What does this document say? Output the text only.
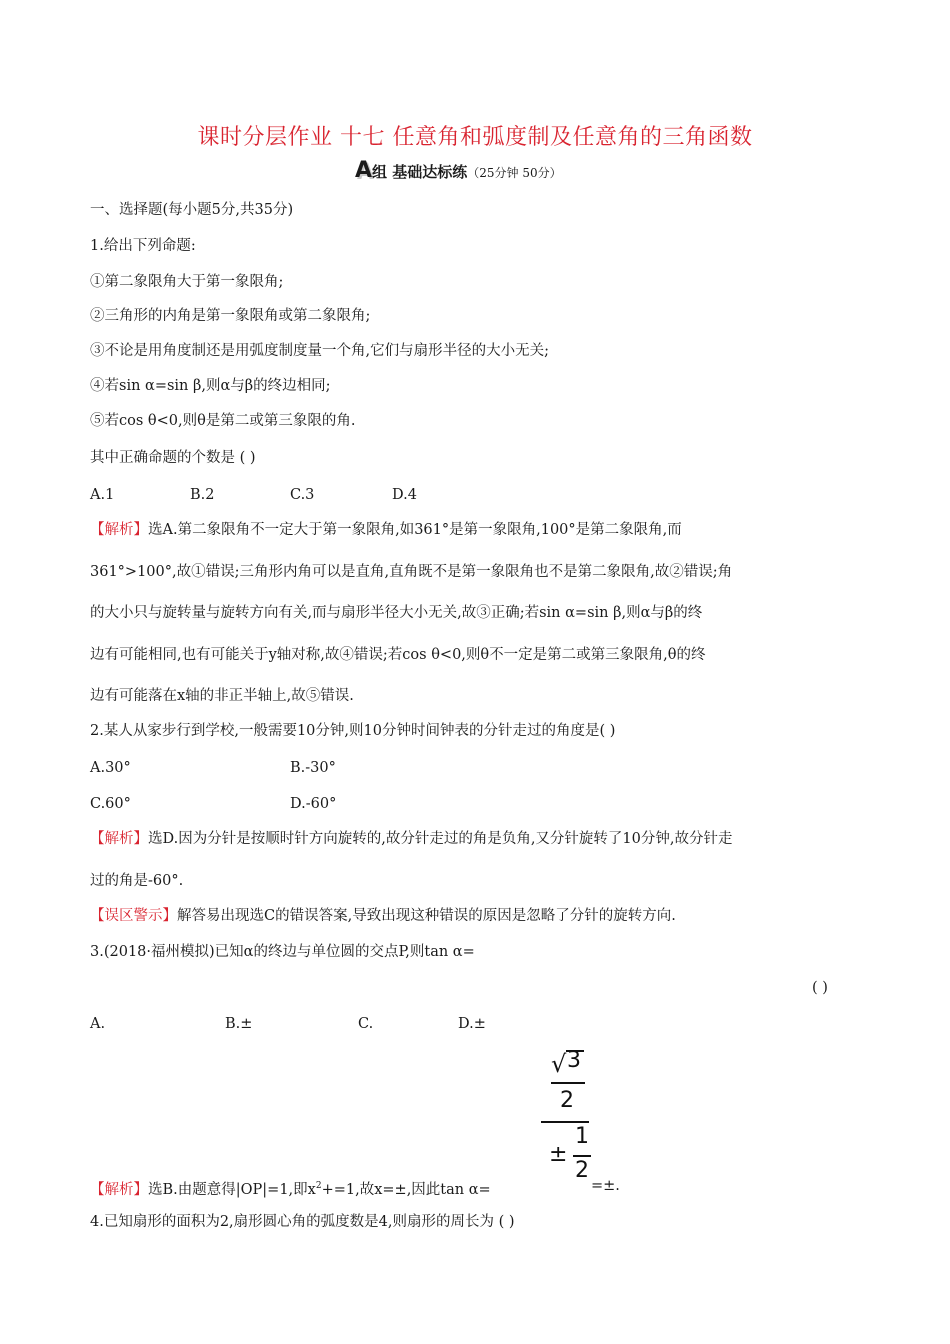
课时分层作业 十七 任意角和弧度制及任意角的三角函数
A组 基础达标练（25分钟 50分）
一、选择题(每小题5分,共35分)
1.给出下列命题:
①第二象限角大于第一象限角;
②三角形的内角是第一象限角或第二象限角;
③不论是用角度制还是用弧度制度量一个角,它们与扇形半径的大小无关;
④若sin α=sin β,则α与β的终边相同;
⑤若cos θ<0,则θ是第二或第三象限的角.
其中正确命题的个数是 ( )
A.1	B.2	C.3	D.4
【解析】选A.第二象限角不一定大于第一象限角,如361°是第一象限角,100°是第二象限角,而
361°>100°,故①错误;三角形内角可以是直角,直角既不是第一象限角也不是第二象限角,故②错误;角
的大小只与旋转量与旋转方向有关,而与扇形半径大小无关,故③正确;若sin α=sin β,则α与β的终
边有可能相同,也有可能关于y轴对称,故④错误;若cos θ<0,则θ不一定是第二或第三象限角,θ的终
边有可能落在x轴的非正半轴上,故⑤错误.
2.某人从家步行到学校,一般需要10分钟,则10分钟时间钟表的分针走过的角度是( )
A.30°	B.-30°
C.60°	D.-60°
【解析】选D.因为分针是按顺时针方向旋转的,故分针走过的角是负角,又分针旋转了10分钟,故分针走
过的角是-60°.
【误区警示】解答易出现选C的错误答案,导致出现这种错误的原因是忽略了分针的旋转方向.
3.(2018·福州模拟)已知α的终边与单位圆的交点P,则tan α=
( )
A.	B.±	C.	D.±
√ 3
2
±
1
2
【解析】选B.由题意得|OP|=1,即$x^2+=1$,故x=±,因此tan α=	=±.
4.已知扇形的面积为2,扇形圆心角的弧度数是4,则扇形的周长为 ( )
